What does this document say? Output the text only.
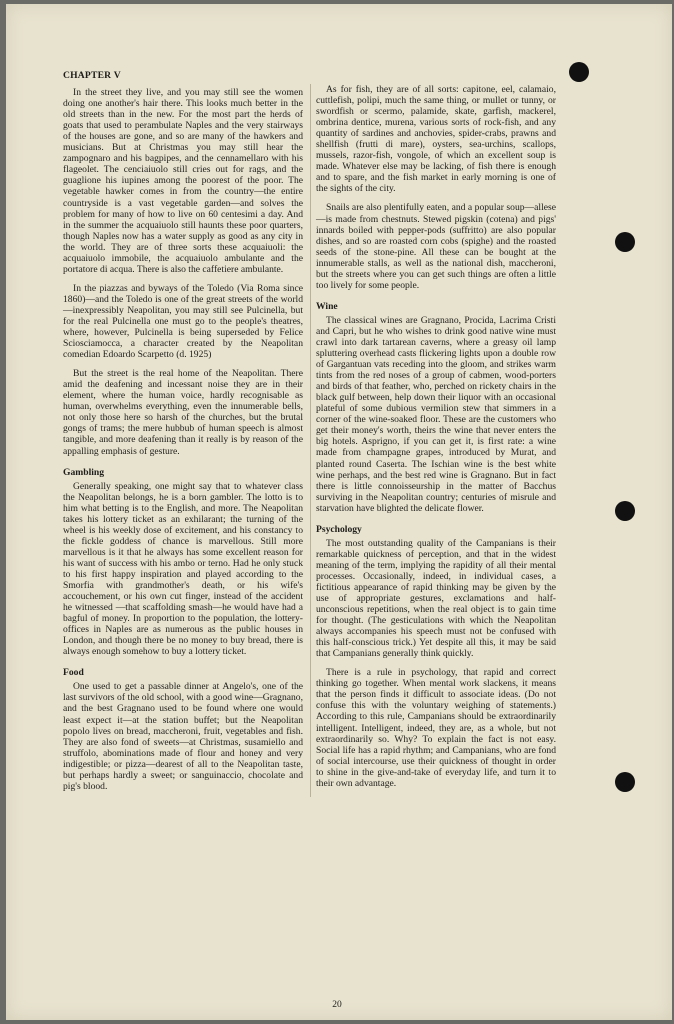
CHAPTER V

In the street they live, and you may still see the women doing one another's hair there. This looks much better in the old streets than in the new. For the most part the herds of goats that used to perambulate Naples and the very stairways of the houses are gone, and so are many of the hawkers and musicians. But at Christmas you may still hear the zampognaro and his bagpipes, and the cennamellaro with his flageolet. The cenciaiuolo still cries out for rags, and the guaglione his iupines among the poorest of the poor. The vegetable hawker comes in from the country—the entire countryside is a vast vegetable garden—and solves the problem for many of how to live on 60 centesimi a day. And in the summer the acquaiuolo still haunts these poor quarters, though Naples now has a water supply as good as any city in the world. They are of three sorts these acquaiuoli: the acquaiuolo immobile, the acquaiuolo ambulante and the portatore di acqua. There is also the caffetiere ambulante.

In the piazzas and byways of the Toledo (Via Roma since 1860)—and the Toledo is one of the great streets of the world—inexpressibly Neapolitan, you may still see Pulcinella, but for the real Pulcinella one must go to the people's theatres, where, however, Pulcinella is being superseded by Felice Sciosciamocca, a character created by the Neapolitan comedian Edoardo Scarpetto (d. 1925)

But the street is the real home of the Neapolitan. There amid the deafening and incessant noise they are in their element, where the human voice, hardly recognisable as human, overwhelms everything, even the innumerable bells, not only those here so harsh of the churches, but the brutal gongs of trams; the mere hubbub of human speech is almost tangible, and more deafening than it really is by reason of the appalling emphasis of gesture.

Gambling

Generally speaking, one might say that to whatever class the Neapolitan belongs, he is a born gambler. The lotto is to him what betting is to the English, and more. The Neapolitan takes his lottery ticket as an exhilarant; the turning of the wheel is his weekly dose of excitement, and his constancy to the fickle goddess of chance is marvellous. Still more marvellous is it that he always has some excellent reason for his want of success with his ambo or terno. Had he only stuck to his first happy inspiration and played according to the Smorfia with grandmother's death, or his wife's accouchement, or his own cut finger, instead of the accident he witnessed —that scaffolding smash—he would have had a bagful of money. In proportion to the population, the lottery-offices in Naples are as numerous as the public houses in London, and though there be no money to buy bread, there is always enough somehow to buy a lottery ticket.

Food

One used to get a passable dinner at Angelo's, one of the last survivors of the old school, with a good wine—Gragnano, and the best Gragnano used to be found where one would least expect it—at the station buffet; but the Neapolitan popolo lives on bread, maccheroni, fruit, vegetables and fish. They are also fond of sweets—at Christmas, susamiello and struffolo, abominations made of flour and honey and very indigestible; or pizza—dearest of all to the Neapolitan taste, but perhaps hardly a sweet; or sanguinaccio, chocolate and pig's blood.

As for fish, they are of all sorts: capitone, eel, calamaio, cuttlefish, polipi, much the same thing, or mullet or tunny, or swordfish or scermo, palamide, skate, garfish, mackerel, ombrina dentice, murena, various sorts of rock-fish, and any quantity of sardines and anchovies, spider-crabs, prawns and shellfish (frutti di mare), oysters, sea-urchins, scallops, mussels, razor-fish, vongole, of which an excellent soup is made. Whatever else may be lacking, of fish there is enough and to spare, and the fish market in early morning is one of the sights of the city.

Snails are also plentifully eaten, and a popular soup—allese—is made from chestnuts. Stewed pigskin (cotena) and pigs' innards boiled with pepper-pods (suffritto) are also popular dishes, and so are roasted corn cobs (spighe) and the roasted seeds of the stone-pine. All these can be bought at the innumerable stalls, as well as the national dish, maccheroni, but the streets where you can get such things are often a little too lively for some people.

Wine

The classical wines are Gragnano, Procida, Lacrima Cristi and Capri, but he who wishes to drink good native wine must crawl into dark tartarean caverns, where a greasy oil lamp spluttering overhead casts flickering lights upon a double row of Gargantuan vats receding into the gloom, and strikes warm tints from the red noses of a group of cabmen, wood-porters and birds of that feather, who, perched on rickety chairs in the black gulf between, help down their liquor with an occasional plateful of some dubious vermilion stew that simmers in a corner of the wine-soaked floor. These are the customers who get their money's worth, theirs the wine that never enters the big hotels. Asprigno, if you can get it, is first rate: a wine made from champagne grapes, introduced by Murat, and planted round Caserta. The Ischian wine is the best white wine perhaps, and the best red wine is Gragnano. But in fact there is little connoisseurship in the matter of Bacchus surviving in the Neapolitan country; centuries of misrule and starvation have blighted the delicate flower.

Psychology

The most outstanding quality of the Campanians is their remarkable quickness of perception, and that in the widest meaning of the term, implying the rapidity of all their mental processes. Occasionally, indeed, in individual cases, a fictitious appearance of rapid thinking may be given by the use of appropriate gestures, exclamations and half-unconscious repetitions, when the real object is to gain time for thought. (The gesticulations with which the Neapolitan always accompanies his speech must not be confused with this half-conscious trick.) Yet despite all this, it may be said that Campanians generally think quickly.

There is a rule in psychology, that rapid and correct thinking go together. When mental work slackens, it means that the person finds it difficult to associate ideas. (Do not confuse this with the voluntary weighing of statements.) According to this rule, Campanians should be extraordinarily intelligent. Intelligent, indeed, they are, as a whole, but not extraordinarily so. Why? To explain the fact is not easy. Social life has a rapid rhythm; and Campanians, who are fond of social intercourse, use their quickness of thought in order to shine in the give-and-take of everyday life, and turn it to their own advantage.

20
